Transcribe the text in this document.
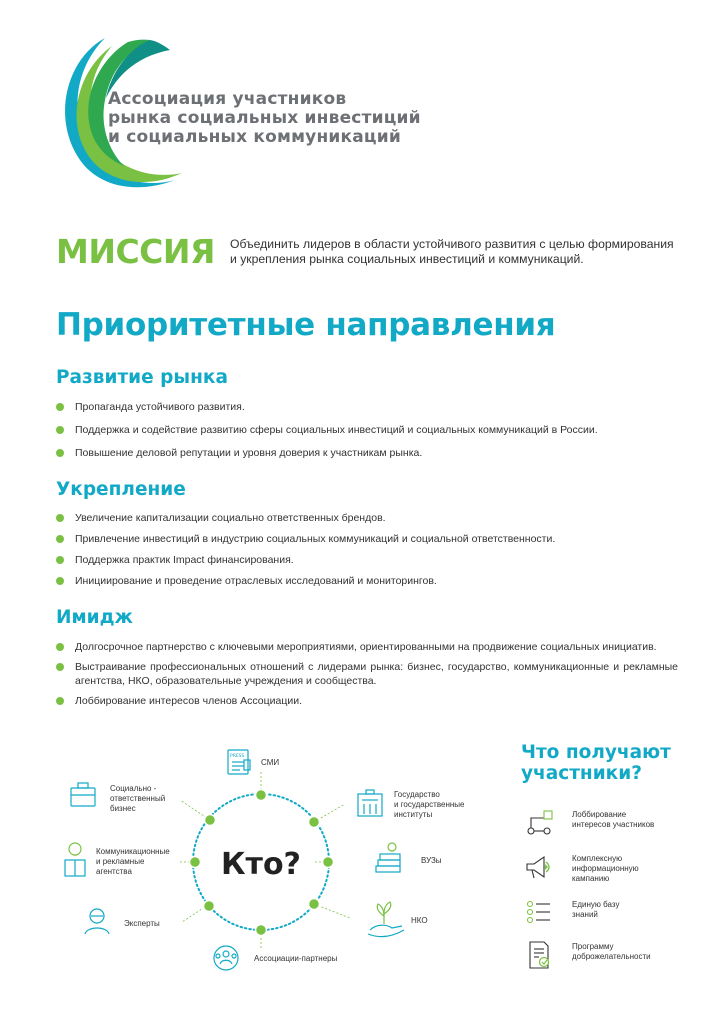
Ассоциация участников
рынка социальных инвестиций
и социальных коммуникаций
МИССИЯ Объединить лидеров в области устойчивого развития с целью формирования
и укрепления рынка социальных инвестиций и коммуникаций.
Приоритетные направления
Развитие рынка
Пропаганда устойчивого развития.
Поддержка и содействие развитию сферы социальных инвестиций и социальных коммуникаций в России.
Повышение деловой репутации и уровня доверия к участникам рынка.
Укрепление
Увеличение капитализации социально ответственных брендов.
Привлечение инвестиций в индустрию социальных коммуникаций и социальной ответственности.
Поддержка практик Impact финансирования.
Инициирование и проведение отраслевых исследований и мониторингов.
Имидж
Долгосрочное партнерство с ключевыми мероприятиями, ориентированными на продвижение социальных инициатив.
Выстраивание профессиональных отношений с лидерами рынка: бизнес, государство, коммуникационные и рекламные агентства, НКО, образовательные учреждения и сообщества.
Лоббирование интересов членов Ассоциации.
Кто?
PRESS
СМИ
Государство
и государственные
институты
ВУЗы
НКО
Ассоциации-партнеры
Эксперты
Коммуникационные
и рекламные
агентства
Социально -
ответственный
бизнес
Что получают
участники?
Лоббирование
интересов участников
Комплексную
информационную
кампанию
Единую базу
знаний
Программу
доброжелательности
